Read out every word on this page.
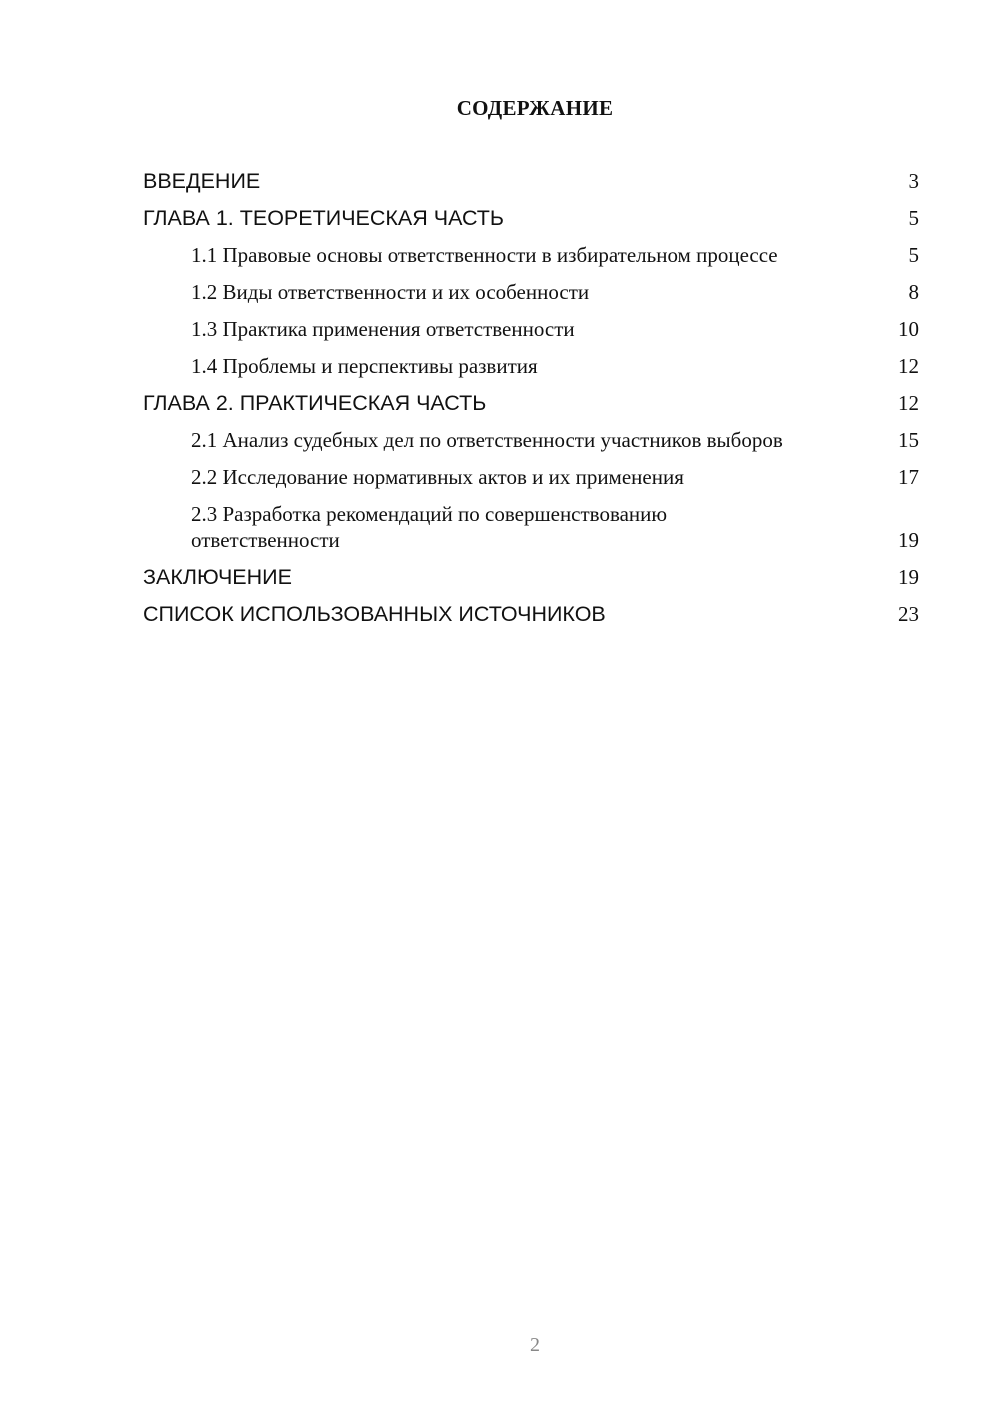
СОДЕРЖАНИЕ
ВВЕДЕНИЕ	3
ГЛАВА 1. ТЕОРЕТИЧЕСКАЯ ЧАСТЬ	5
1.1 Правовые основы ответственности в избирательном процессе	5
1.2 Виды ответственности и их особенности	8
1.3 Практика применения ответственности	10
1.4 Проблемы и перспективы развития	12
ГЛАВА 2. ПРАКТИЧЕСКАЯ ЧАСТЬ	12
2.1 Анализ судебных дел по ответственности участников выборов	15
2.2 Исследование нормативных актов и их применения	17
2.3 Разработка рекомендаций по совершенствованию ответственности	19
ЗАКЛЮЧЕНИЕ	19
СПИСОК ИСПОЛЬЗОВАННЫХ ИСТОЧНИКОВ	23
2
